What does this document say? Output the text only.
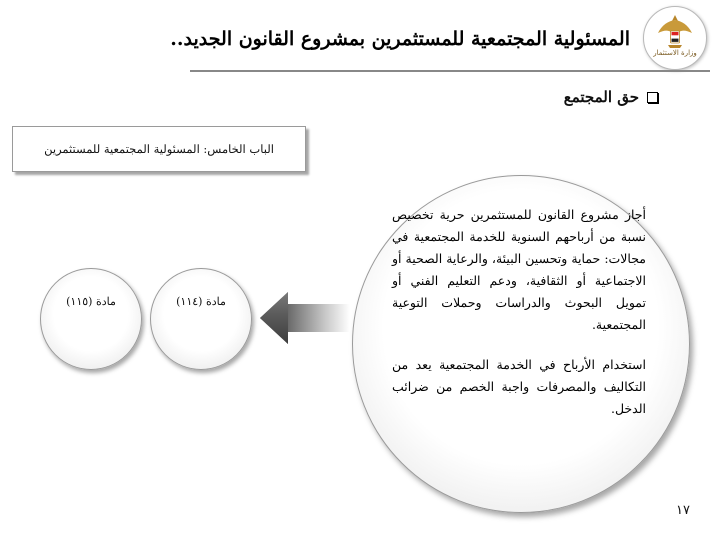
وزارة الاستثمار
المسئولية المجتمعية للمستثمرين بمشروع القانون الجديد..
حق المجتمع
الباب الخامس: المسئولية المجتمعية للمستثمرين

أجاز مشروع القانون للمستثمرين حرية تخصيص نسبة من أرباحهم السنوية للخدمة المجتمعية في مجالات: حماية وتحسين البيئة، والرعاية الصحية أو الاجتماعية أو الثقافية، ودعم التعليم الفني أو تمويل البحوث والدراسات وحملات التوعية المجتمعية.

استخدام الأرباح في الخدمة المجتمعية يعد من التكاليف والمصرفات واجبة الخصم من ضرائب الدخل.

مادة (١١٤)
مادة (١١٥)
١٧
